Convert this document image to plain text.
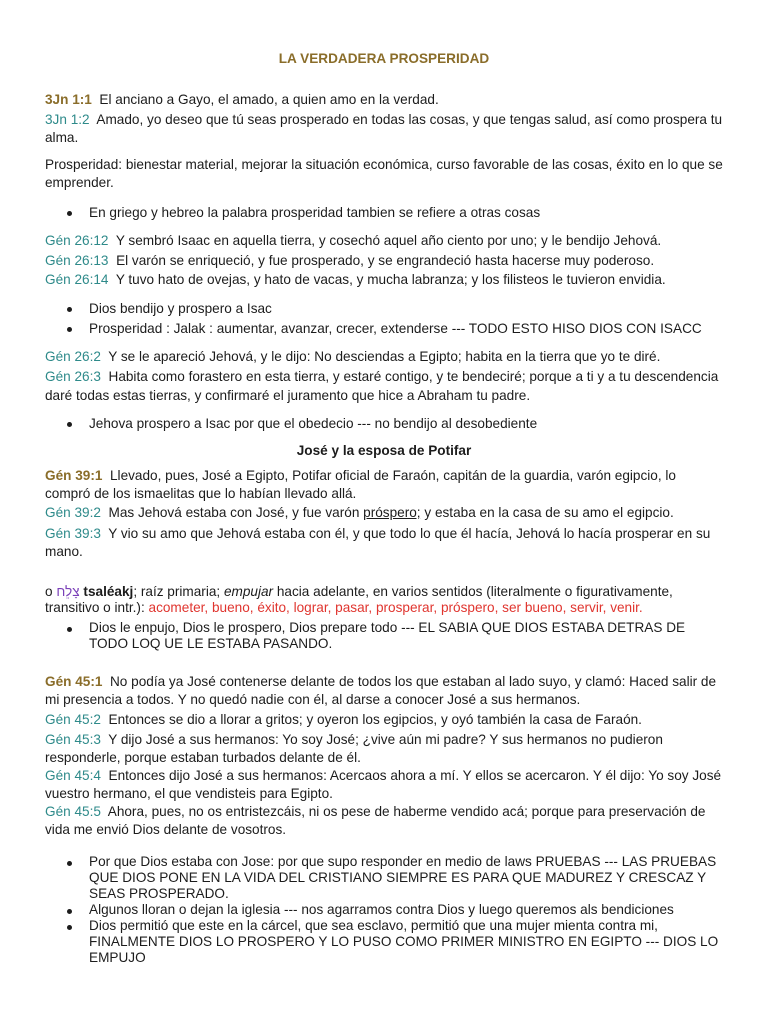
LA VERDADERA PROSPERIDAD

3Jn 1:1 El anciano a Gayo, el amado, a quien amo en la verdad.

3Jn 1:2 Amado, yo deseo que tú seas prosperado en todas las cosas, y que tengas salud, así como prospera tu alma.

Prosperidad: bienestar material, mejorar la situación económica, curso favorable de las cosas, éxito en lo que se emprender.

En griego y hebreo la palabra prosperidad tambien se refiere a otras cosas

Gén 26:12 Y sembró Isaac en aquella tierra, y cosechó aquel año ciento por uno; y le bendijo Jehová.

Gén 26:13 El varón se enriqueció, y fue prosperado, y se engrandeció hasta hacerse muy poderoso.

Gén 26:14 Y tuvo hato de ovejas, y hato de vacas, y mucha labranza; y los filisteos le tuvieron envidia.

Dios bendijo y prospero a Isac
Prosperidad : Jalak : aumentar, avanzar, crecer, extenderse --- TODO ESTO HISO DIOS CON ISACC

Gén 26:2 Y se le apareció Jehová, y le dijo: No desciendas a Egipto; habita en la tierra que yo te diré.

Gén 26:3 Habita como forastero en esta tierra, y estaré contigo, y te bendeciré; porque a ti y a tu descendencia daré todas estas tierras, y confirmaré el juramento que hice a Abraham tu padre.

Jehova prospero a Isac por que el obedecio --- no bendijo al desobediente
José y la esposa de Potifar

Gén 39:1 Llevado, pues, José a Egipto, Potifar oficial de Faraón, capitán de la guardia, varón egipcio, lo compró de los ismaelitas que lo habían llevado allá.

Gén 39:2 Mas Jehová estaba con José, y fue varón próspero; y estaba en la casa de su amo el egipcio.

Gén 39:3 Y vio su amo que Jehová estaba con él, y que todo lo que él hacía, Jehová lo hacía prosperar en su mano.

o צָלֵח tsaléakj; raíz primaria; empujar hacia adelante, en varios sentidos (literalmente o figurativamente, transitivo o intr.): acometer, bueno, éxito, lograr, pasar, prosperar, próspero, ser bueno, servir, venir.

Dios le enpujo, Dios le prospero, Dios prepare todo --- EL SABIA QUE DIOS ESTABA DETRAS DE TODO LOQ UE LE ESTABA PASANDO.

Gén 45:1 No podía ya José contenerse delante de todos los que estaban al lado suyo, y clamó: Haced salir de mi presencia a todos. Y no quedó nadie con él, al darse a conocer José a sus hermanos.

Gén 45:2 Entonces se dio a llorar a gritos; y oyeron los egipcios, y oyó también la casa de Faraón.

Gén 45:3 Y dijo José a sus hermanos: Yo soy José; ¿vive aún mi padre? Y sus hermanos no pudieron responderle, porque estaban turbados delante de él.

Gén 45:4 Entonces dijo José a sus hermanos: Acercaos ahora a mí. Y ellos se acercaron. Y él dijo: Yo soy José vuestro hermano, el que vendisteis para Egipto.

Gén 45:5 Ahora, pues, no os entristezcáis, ni os pese de haberme vendido acá; porque para preservación de vida me envió Dios delante de vosotros.

Por que Dios estaba con Jose: por que supo responder en medio de laws PRUEBAS --- LAS PRUEBAS QUE DIOS PONE EN LA VIDA DEL CRISTIANO SIEMPRE ES PARA QUE MADUREZ Y CRESCAZ Y SEAS PROSPERADO.
Algunos lloran o dejan la iglesia --- nos agarramos contra Dios y luego queremos als bendiciones
Dios permitió que este en la cárcel, que sea esclavo, permitió que una mujer mienta contra mi, FINALMENTE DIOS LO PROSPERO Y LO PUSO COMO PRIMER MINISTRO EN EGIPTO --- DIOS LO EMPUJO
